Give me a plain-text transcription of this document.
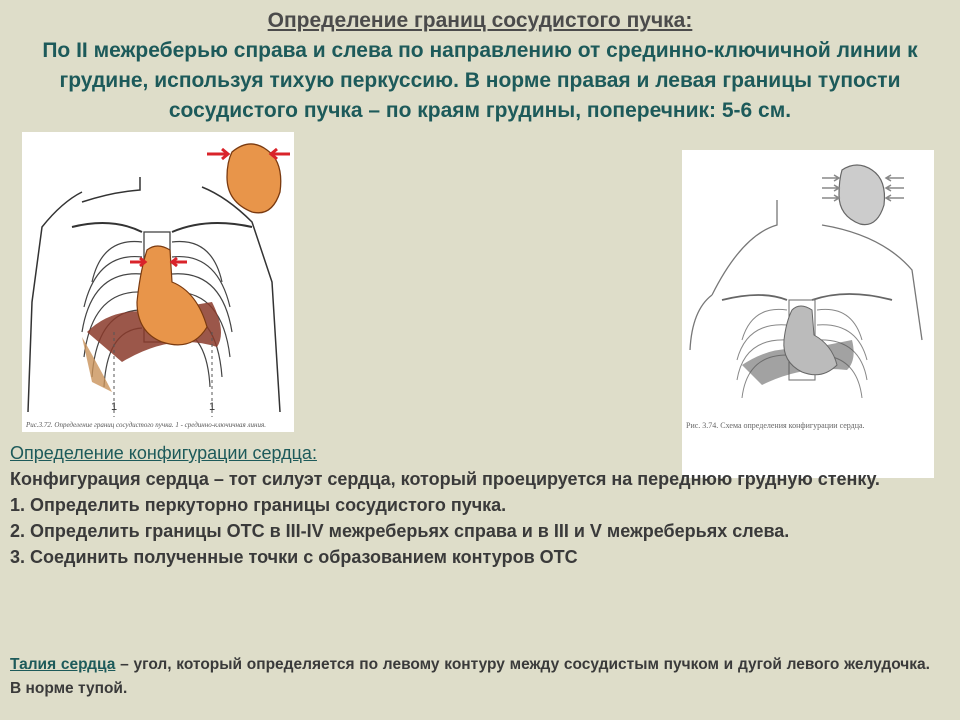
Определение границ сосудистого пучка:
По II межреберью справа и слева по направлению от срединно-ключичной линии к грудине, используя тихую перкуссию. В норме правая и левая границы тупости сосудистого пучка – по краям грудины, поперечник: 5-6 см.
1	1
Рис.3.72. Определение границ сосудистого пучка. 1 - срединно-ключичная линия.	Рис. 3.74. Схема определения конфигурации сердца.
Определение конфигурации сердца:
Конфигурация сердца – тот силуэт сердца, который проецируется на переднюю грудную стенку.
1. Определить перкуторно границы сосудистого пучка.
2. Определить границы ОТС в III-IV межреберьях справа и в III и V межреберьях слева.
3. Соединить полученные точки с образованием контуров ОТС
Талия сердца – угол, который определяется по левому контуру между сосудистым пучком и дугой левого желудочка. В норме тупой.
